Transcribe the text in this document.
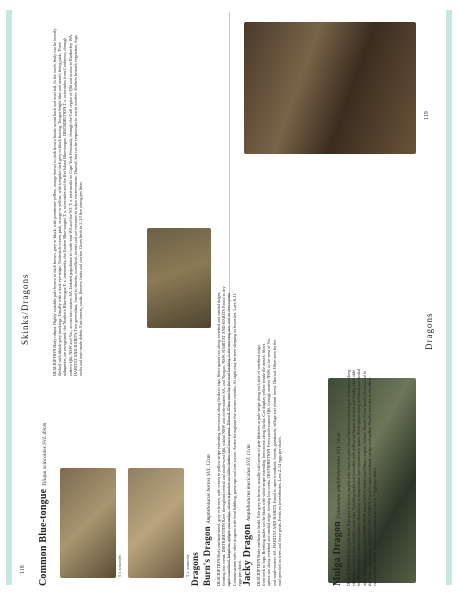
Skinks/Dragons
118 Common Blue-tongue Tiliqua scincoides SVL 49cm
DESCRIPTION Body robust. Highly variable; pale brown to dark brown, grey or black, with prominent yellow, orange-brown to dark brown bands across back and onto tail. In the north, body can be heavily flecked with bluish-grey markings. Usually with a dark eye-stripe. Underside cream, pink, orange or yellow, with irregular dark grey to black barring. Tongue bright blue and mouth lining pink. Three subspecies are recognised: the Northern Blue-tongue T. s. intermedia, the Eastern Blue-tongue T. s. scincoides and the Kei Island Blue-tongue. DISTRIBUTION T. s. scincoides from Cooktown, through eastern Qld, NSW and Vic., across into eastern SA. Isolated population in north-east WA and the NT. T. s. intermedia on Cape York Peninsula, through the Gulf region of Qld and across to Kimberley. WA. HABITAT AND HABITS True generalists, found in deserts, woodland, forests and are common in urban environments. Diurnal, but can be crepuscular in warm weather. Shelters beneath vegetation, logs, rocks and man-made debris. Eats insects, snails, flowers, fruits and carrion. Gives birth to 5–10 live young per litter.
T. s. scincoides	T. s. intermedia Dragons Burn's Dragon Amphibolurus burnsi SVL 12cm DESCRIPTION Body medium-sized, grey or brown, with cream to yellow stripe extending from snout along flanks to hips. Short spines run along vertebral and medial ridges, forming low crests. DISTRIBUTION Rare, throughout central and south-west Qld, inland NSW and north-eastern SA, and Nyngan, NSW. HABITAT AND HABITS Found in dry open woodland, brigalow, gidgee and mulga, where it perches on fallen timber and fence posts. Diurnal. Often seen by the road basking in the morning sun, and on fence posts. Communicates with other dragons with head bobbing, press-ups and arm waves. Active throughout the warmer months. At night may be seen sleeping on branches. Lays 8–11 eggs per clutch.
Dragons
119
Jacky Dragon Amphibolurus muricatus SVL 11cm DESCRIPTION Body medium in build. Pale grey to brown, usually with series of pale blotches or pale stripe along each side of vertebral ridge, from neck to hips. Breeding males can be black with white stripe extending from snout along flanks. Can display yellow inside the mouth. Short spines run along vertebral and medial ridge, forming low crests. DISTRIBUTION From south-eastern Qld, through eastern NSW, in far west of Vic. and south-eastern SA. HABITAT AND HABITS Found in open woodland, forests, grasslands, village and closed forest. Diurnal. Often seen by the road perched on trees and fence posts. Feeds on invertebrates. Lays 2–14 eggs per clutch.	Mulga Dragon Caimanops amphiboluroides SVL 10cm DESCRIPTION Body highly built. Pale grey to brown, usually with series of paler broad blotches coalescing to form band along either side of spine from shoulder on to hips. Breeding males and juveniles with yellow suffusion on throat and flanks, often able to alter intensity of colour and pattern, depending on temperature and reproductive status. Short spines along vertebral and medial ridge forming low crests. DISTRIBUTION Inland WA Goldfield and Pilbara region, Gibson Desert, Great Sandy, Kanjini and in the south as Kalgoorlie. HABITAT AND HABITS Found in open woodland, mulga and mallee. Rarely seen due to excellent camouflage. Diurnal. Feeds on invertebrates. Lays 2–7 eggs per clutch.
